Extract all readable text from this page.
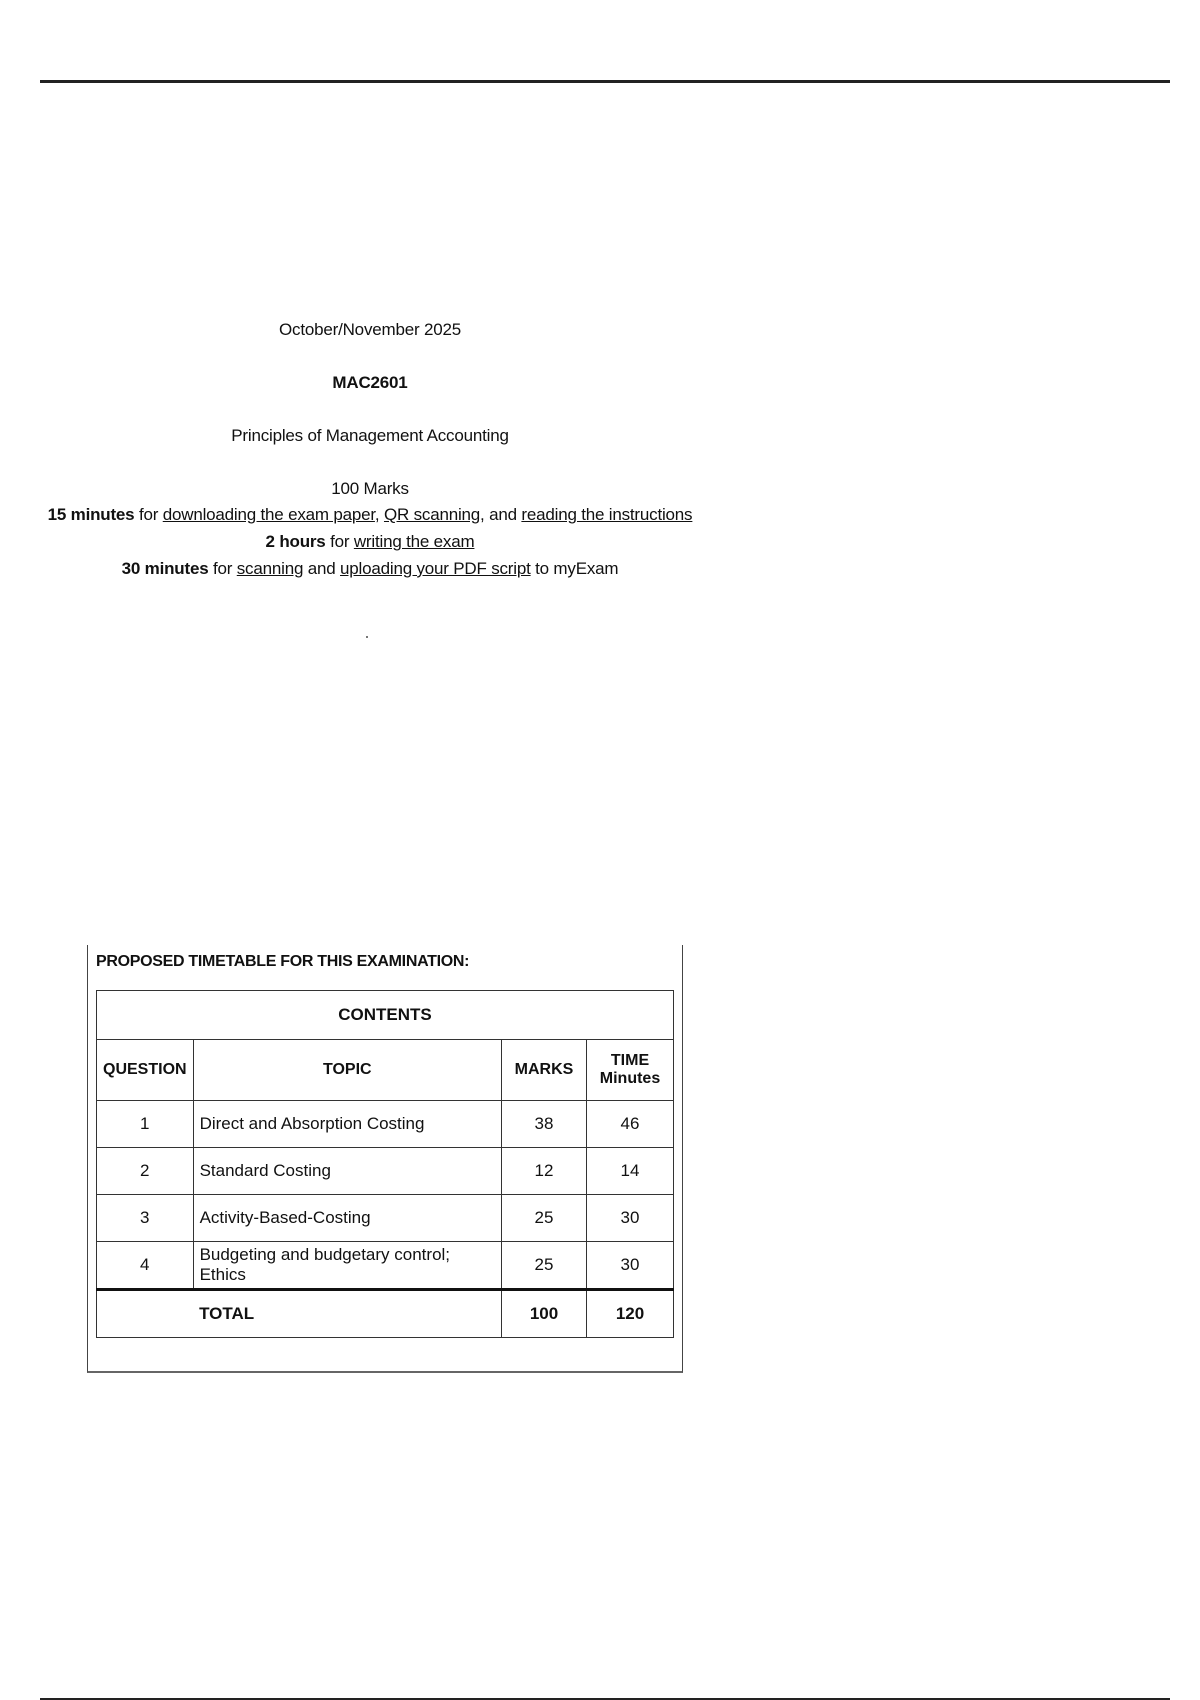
October/November 2025
MAC2601
Principles of Management Accounting
100 Marks
15 minutes for downloading the exam paper, QR scanning, and reading the instructions
2 hours for writing the exam
30 minutes for scanning and uploading your PDF script to myExam
PROPOSED TIMETABLE FOR THIS EXAMINATION:
CONTENTS			
QUESTION	TOPIC	MARKS	TIME
Minutes

1	Direct and Absorption Costing	38	46
2	Standard Costing	12	14
3	Activity-Based-Costing	25	30
4	Budgeting and budgetary control; Ethics	25	30
	TOTAL	100	120
